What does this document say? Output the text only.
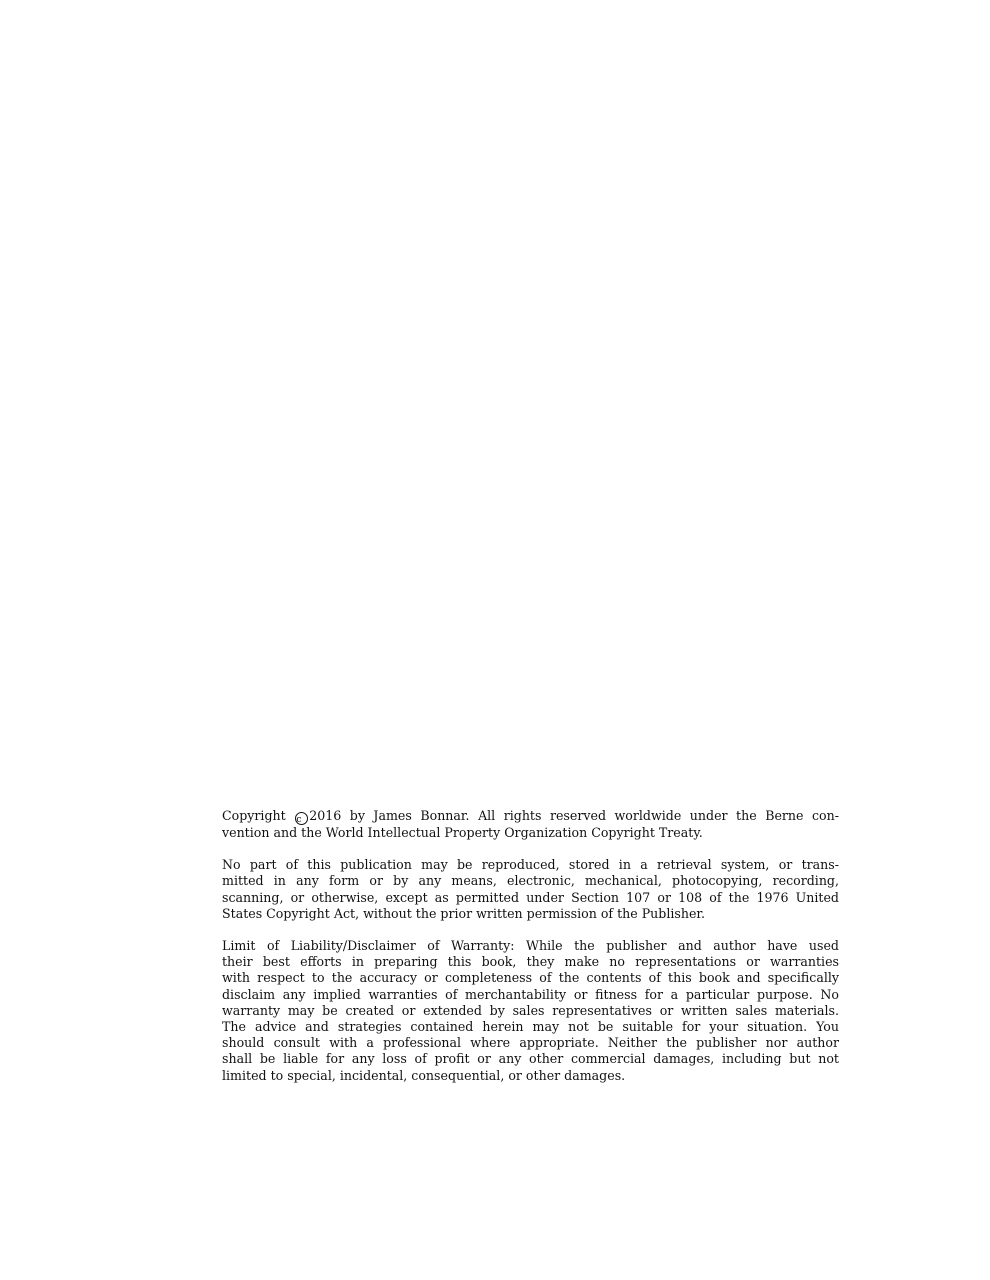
Copyright c 2016 by James Bonnar. All rights reserved worldwide under the Berne con-
vention and the World Intellectual Property Organization Copyright Treaty.

No part of this publication may be reproduced, stored in a retrieval system, or trans-
mitted in any form or by any means, electronic, mechanical, photocopying, recording,
scanning, or otherwise, except as permitted under Section 107 or 108 of the 1976 United
States Copyright Act, without the prior written permission of the Publisher.

Limit of Liability/Disclaimer of Warranty: While the publisher and author have used
their best efforts in preparing this book, they make no representations or warranties
with respect to the accuracy or completeness of the contents of this book and specifically
disclaim any implied warranties of merchantability or fitness for a particular purpose. No
warranty may be created or extended by sales representatives or written sales materials.
The advice and strategies contained herein may not be suitable for your situation. You
should consult with a professional where appropriate. Neither the publisher nor author
shall be liable for any loss of profit or any other commercial damages, including but not
limited to special, incidental, consequential, or other damages.
